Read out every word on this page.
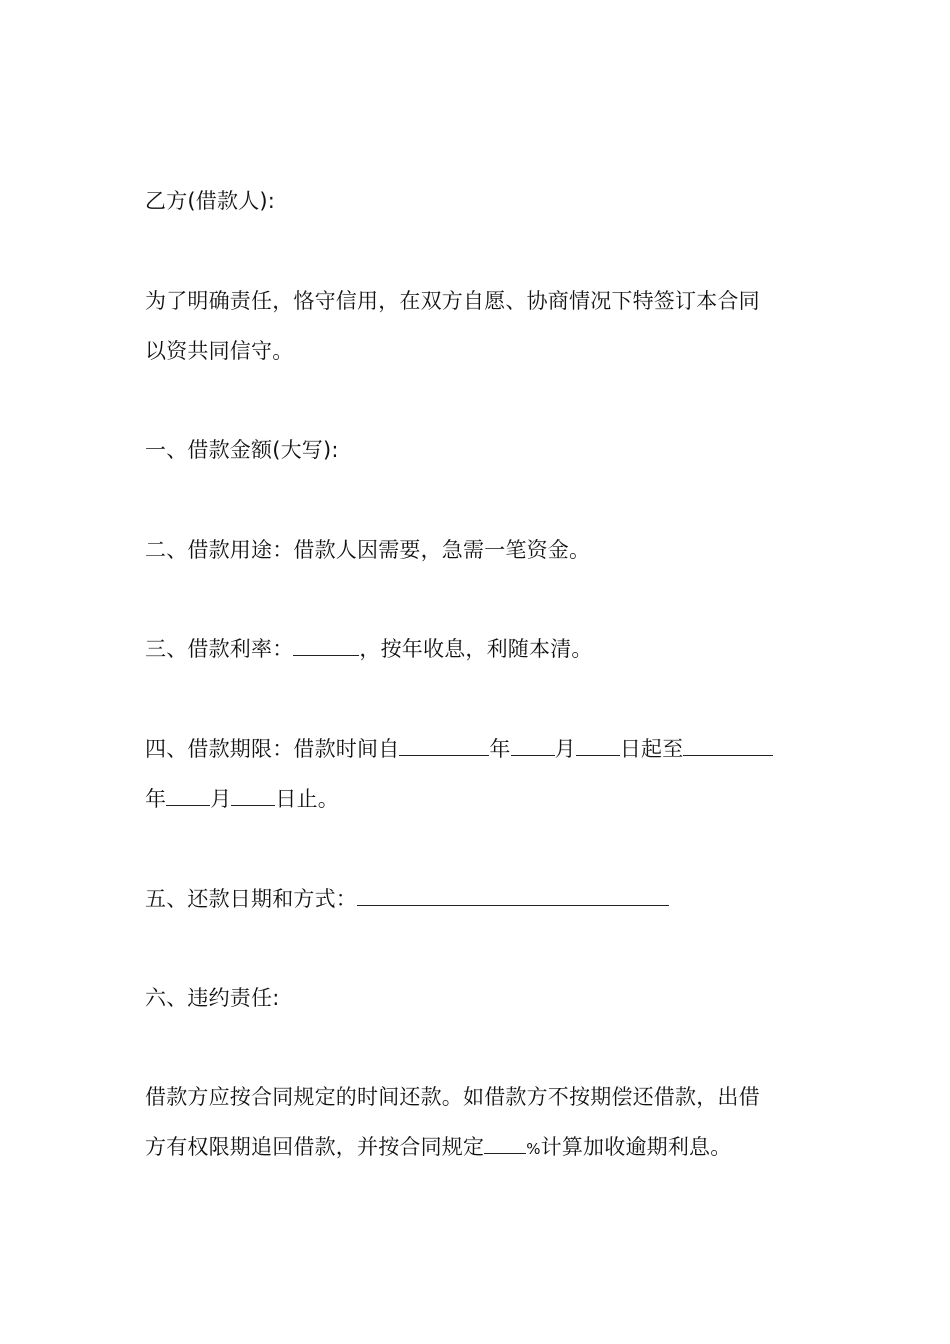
乙方(借款人):
为了明确责任，恪守信用，在双方自愿、协商情况下特签订本合同
以资共同信守。
一、借款金额(大写):
二、借款用途：借款人因需要，急需一笔资金。
三、借款利率：	，按年收息，利随本清。
四、借款期限：借款时间自	年 月 日起至
年 月 日止。
五、还款日期和方式：
六、违约责任:
借款方应按合同规定的时间还款。如借款方不按期偿还借款，出借
方有权限期追回借款，并按合同规定	%计算加收逾期利息。
